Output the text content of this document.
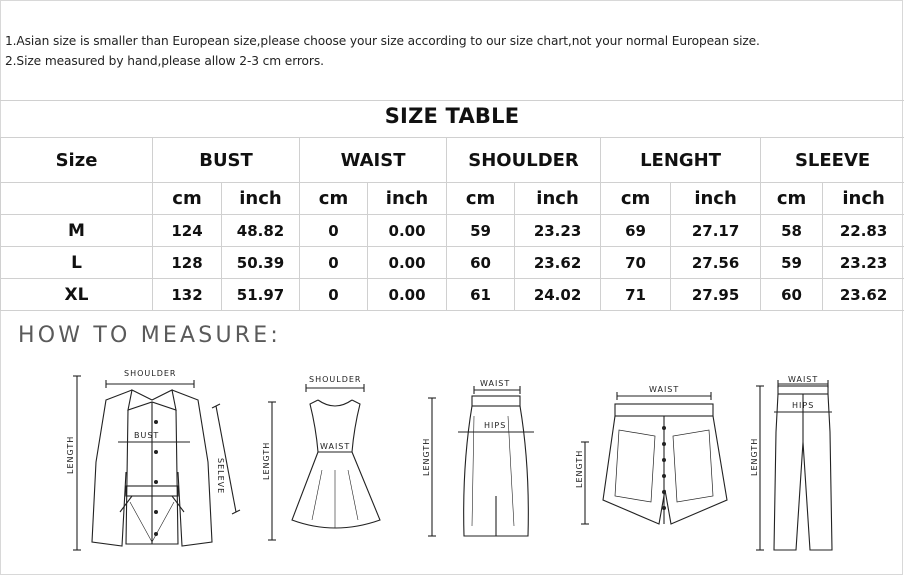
1.Asian size is smaller than European size,please choose your size according to our size chart,not your normal European size.
2.Size measured by hand,please allow 2-3 cm errors.
SIZE TABLE
Size	BUST		WAIST		SHOULDER		LENGHT		SLEEVE	
	cm	inch	cm	inch	cm	inch	cm	inch	cm	inch
M	124	48.82	0	0.00	59	23.23	69	27.17	58	22.83
L	128	50.39	0	0.00	60	23.62	70	27.56	59	23.23
XL	132	51.97	0	0.00	61	24.02	71	27.95	60	23.62
HOW TO MEASURE:
SHOULDER
BUST
LENGTH
SELEVE
SHOULDER
WAIST
LENGTH
WAIST
HIPS
LENGTH
WAIST
LENGTH
WAIST
HIPS
LENGTH
